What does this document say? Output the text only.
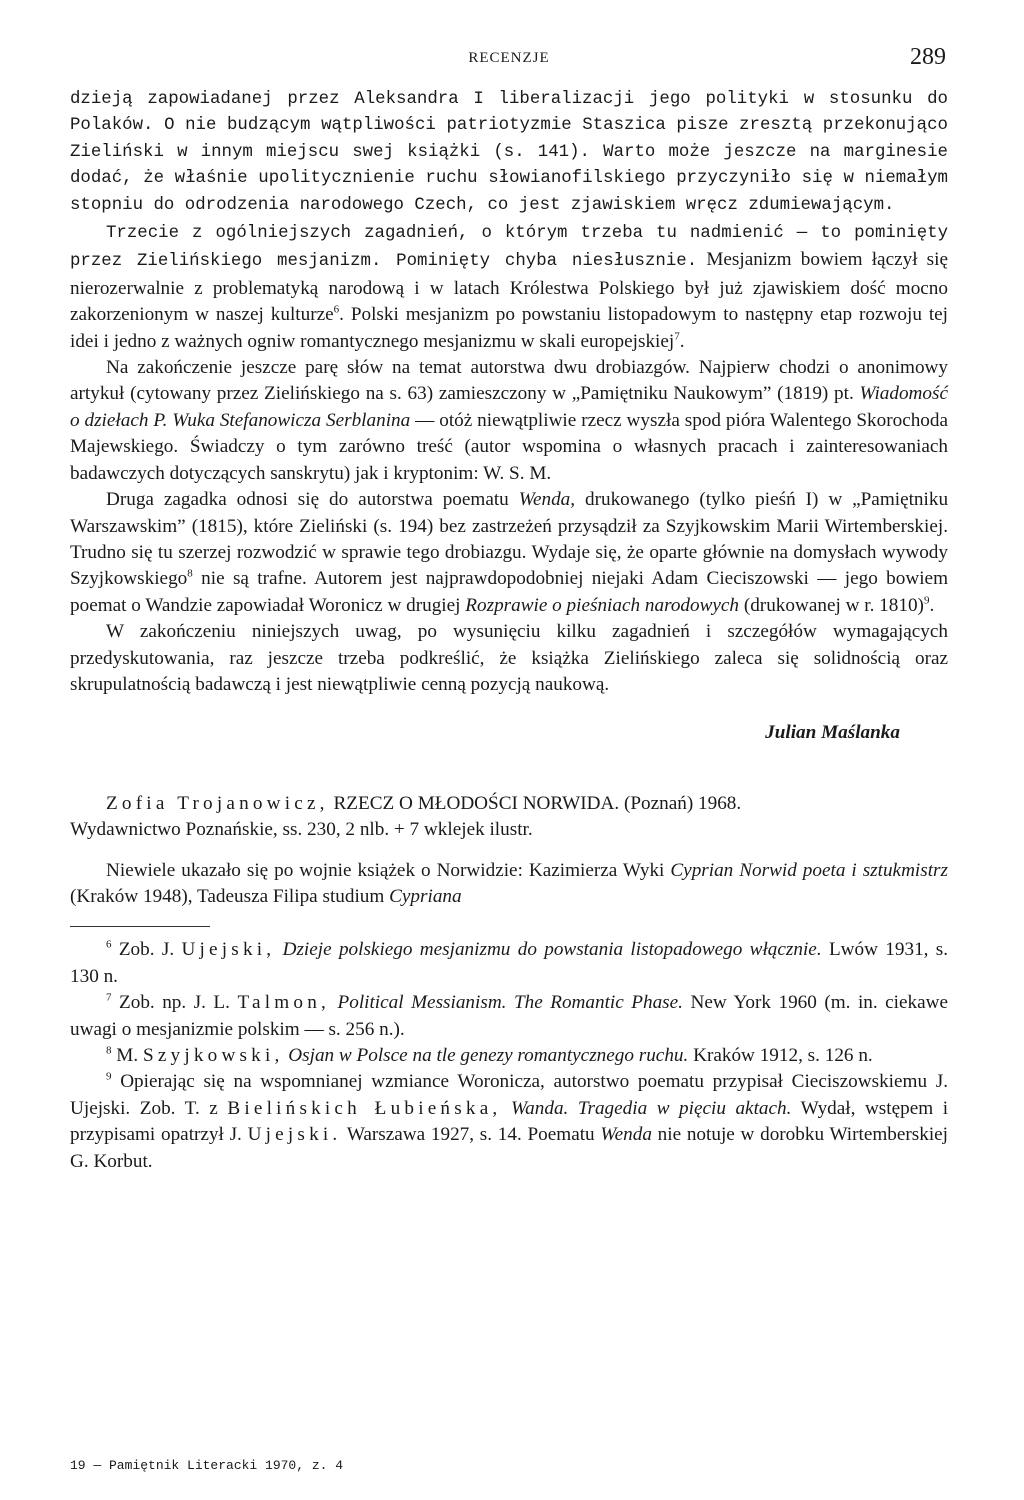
RECENZJE	289

dzieją zapowiadanej przez Aleksandra I liberalizacji jego polityki w stosunku do Polaków. O nie budzącym wątpliwości patriotyzmie Staszica pisze zresztą przekonująco Zieliński w innym miejscu swej książki (s. 141). Warto może jeszcze na marginesie dodać, że właśnie upolitycznienie ruchu słowianofilskiego przyczyniło się w niemałym stopniu do odrodzenia narodowego Czech, co jest zjawiskiem wręcz zdumiewającym.

Trzecie z ogólniejszych zagadnień, o którym trzeba tu nadmienić — to pominięty przez Zielińskiego mesjanizm. Pominięty chyba niesłusznie. Mesjanizm bowiem łączył się nierozerwalnie z problematyką narodową i w latach Królestwa Polskiego był już zjawiskiem dość mocno zakorzenionym w naszej kulturze$^6$. Polski mesjanizm po powstaniu listopadowym to następny etap rozwoju tej idei i jedno z ważnych ogniw romantycznego mesjanizmu w skali europejskiej$^7$.

Na zakończenie jeszcze parę słów na temat autorstwa dwu drobiazgów. Najpierw chodzi o anonimowy artykuł (cytowany przez Zielińskiego na s. 63) zamieszczony w „Pamiętniku Naukowym” (1819) pt. Wiadomość o dziełach P. Wuka Stefanowicza Serblanina — otóż niewątpliwie rzecz wyszła spod pióra Walentego Skorochoda Majewskiego. Świadczy o tym zarówno treść (autor wspomina o własnych pracach i zainteresowaniach badawczych dotyczących sanskrytu) jak i kryptonim: W. S. M.

Druga zagadka odnosi się do autorstwa poematu Wenda, drukowanego (tylko pieśń I) w „Pamiętniku Warszawskim” (1815), które Zieliński (s. 194) bez zastrzeżeń przysądził za Szyjkowskim Marii Wirtemberskiej. Trudno się tu szerzej rozwodzić w sprawie tego drobiazgu. Wydaje się, że oparte głównie na domysłach wywody Szyjkowskiego$^8$ nie są trafne. Autorem jest najprawdopodobniej niejaki Adam Cieciszowski — jego bowiem poemat o Wandzie zapowiadał Woronicz w drugiej Rozprawie o pieśniach narodowych (drukowanej w r. 1810)$^9$.

W zakończeniu niniejszych uwag, po wysunięciu kilku zagadnień i szczegółów wymagających przedyskutowania, raz jeszcze trzeba podkreślić, że książka Zielińskiego zaleca się solidnością oraz skrupulatnością badawczą i jest niewątpliwie cenną pozycją naukową.

Julian Maślanka

Zofia Trojanowicz, RZECZ O MŁODOŚCI NORWIDA. (Poznań) 1968.

Wydawnictwo Poznańskie, ss. 230, 2 nlb. + 7 wklejek ilustr.

Niewiele ukazało się po wojnie książek o Norwidzie: Kazimierza Wyki Cyprian Norwid poeta i sztukmistrz (Kraków 1948), Tadeusza Filipa studium Cypriana

$^6$ Zob. J. Ujejski, Dzieje polskiego mesjanizmu do powstania listopadowego włącznie. Lwów 1931, s. 130 n.

$^7$ Zob. np. J. L. Talmon, Political Messianism. The Romantic Phase. New York 1960 (m. in. ciekawe uwagi o mesjanizmie polskim — s. 256 n.).

$^8$ M. Szyjkowski, Osjan w Polsce na tle genezy romantycznego ruchu. Kraków 1912, s. 126 n.

$^9$ Opierając się na wspomnianej wzmiance Woronicza, autorstwo poematu przypisał Cieciszowskiemu J. Ujejski. Zob. T. z Bielińskich Łubieńska, Wanda. Tragedia w pięciu aktach. Wydał, wstępem i przypisami opatrzył J. Ujejski. Warszawa 1927, s. 14. Poematu Wenda nie notuje w dorobku Wirtemberskiej G. Korbut.

19 — Pamiętnik Literacki 1970, z. 4
